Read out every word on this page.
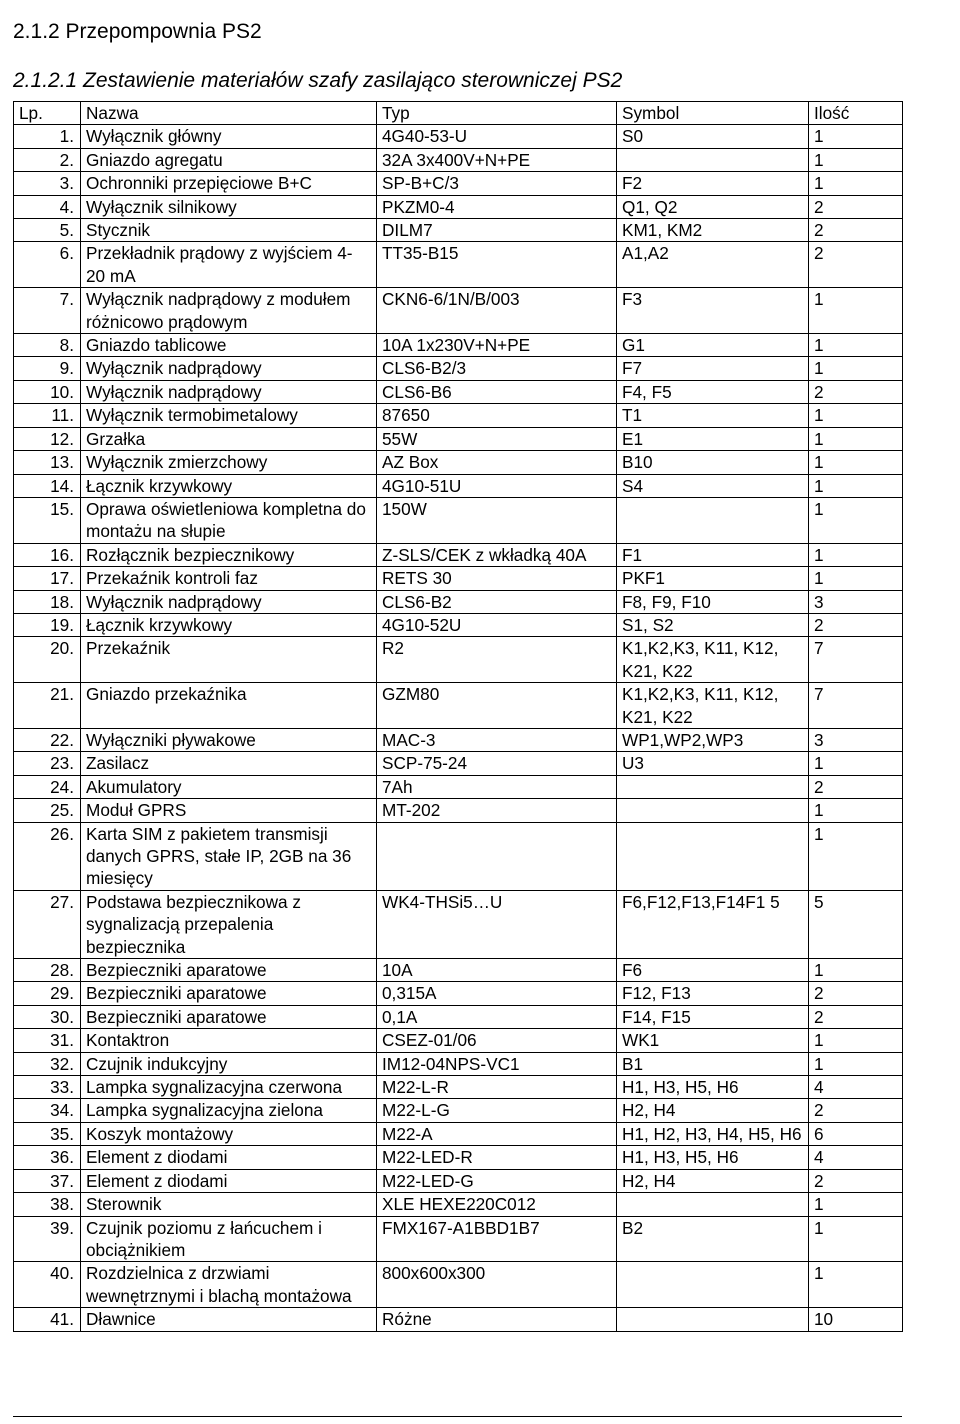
2.1.2 Przepompownia PS2
2.1.2.1 Zestawienie materiałów szafy zasilająco sterowniczej PS2
Lp.	Nazwa	Typ	Symbol	Ilość
1.	Wyłącznik główny	4G40-53-U	S0	1
2.	Gniazdo agregatu	32A 3x400V+N+PE		1
3.	Ochronniki przepięciowe B+C	SP-B+C/3	F2	1
4.	Wyłącznik silnikowy	PKZM0-4	Q1, Q2	2
5.	Stycznik	DILM7	KM1, KM2	2
6.	Przekładnik prądowy z wyjściem 4-20 mA	TT35-B15	A1,A2	2
7.	Wyłącznik nadprądowy z modułem różnicowo prądowym	CKN6-6/1N/B/003	F3	1
8.	Gniazdo tablicowe	10A 1x230V+N+PE	G1	1
9.	Wyłącznik nadprądowy	CLS6-B2/3	F7	1
10.	Wyłącznik nadprądowy	CLS6-B6	F4, F5	2
11.	Wyłącznik termobimetalowy	87650	T1	1
12.	Grzałka	55W	E1	1
13.	Wyłącznik zmierzchowy	AZ Box	B10	1
14.	Łącznik krzywkowy	4G10-51U	S4	1
15.	Oprawa oświetleniowa kompletna do montażu na słupie	150W		1
16.	Rozłącznik bezpiecznikowy	Z-SLS/CEK z wkładką 40A	F1	1
17.	Przekaźnik kontroli faz	RETS 30	PKF1	1
18.	Wyłącznik nadprądowy	CLS6-B2	F8, F9, F10	3
19.	Łącznik krzywkowy	4G10-52U	S1, S2	2
20.	Przekaźnik	R2	K1,K2,K3, K11, K12, K21, K22	7
21.	Gniazdo przekaźnika	GZM80	K1,K2,K3, K11, K12, K21, K22	7
22.	Wyłączniki pływakowe	MAC-3	WP1,WP2,WP3	3
23.	Zasilacz	SCP-75-24	U3	1
24.	Akumulatory	7Ah		2
25.	Moduł GPRS	MT-202		1
26.	Karta SIM z pakietem transmisji danych GPRS, stałe IP, 2GB na 36 miesięcy			1
27.	Podstawa bezpiecznikowa z sygnalizacją przepalenia bezpiecznika	WK4-THSi5…U	F6,F12,F13,F14F1 5	5
28.	Bezpieczniki aparatowe	10A	F6	1
29.	Bezpieczniki aparatowe	0,315A	F12, F13	2
30.	Bezpieczniki aparatowe	0,1A	F14, F15	2
31.	Kontaktron	CSEZ-01/06	WK1	1
32.	Czujnik indukcyjny	IM12-04NPS-VC1	B1	1
33.	Lampka sygnalizacyjna czerwona	M22-L-R	H1, H3, H5, H6	4
34.	Lampka sygnalizacyjna zielona	M22-L-G	H2, H4	2
35.	Koszyk montażowy	M22-A	H1, H2, H3, H4, H5, H6	6
36.	Element z diodami	M22-LED-R	H1, H3, H5, H6	4
37.	Element z diodami	M22-LED-G	H2, H4	2
38.	Sterownik	XLE HEXE220C012		1
39.	Czujnik poziomu z łańcuchem i obciążnikiem	FMX167-A1BBD1B7	B2	1
40.	Rozdzielnica z drzwiami wewnętrznymi i blachą montażowa	800x600x300		1
41.	Dławnice	Różne		10
